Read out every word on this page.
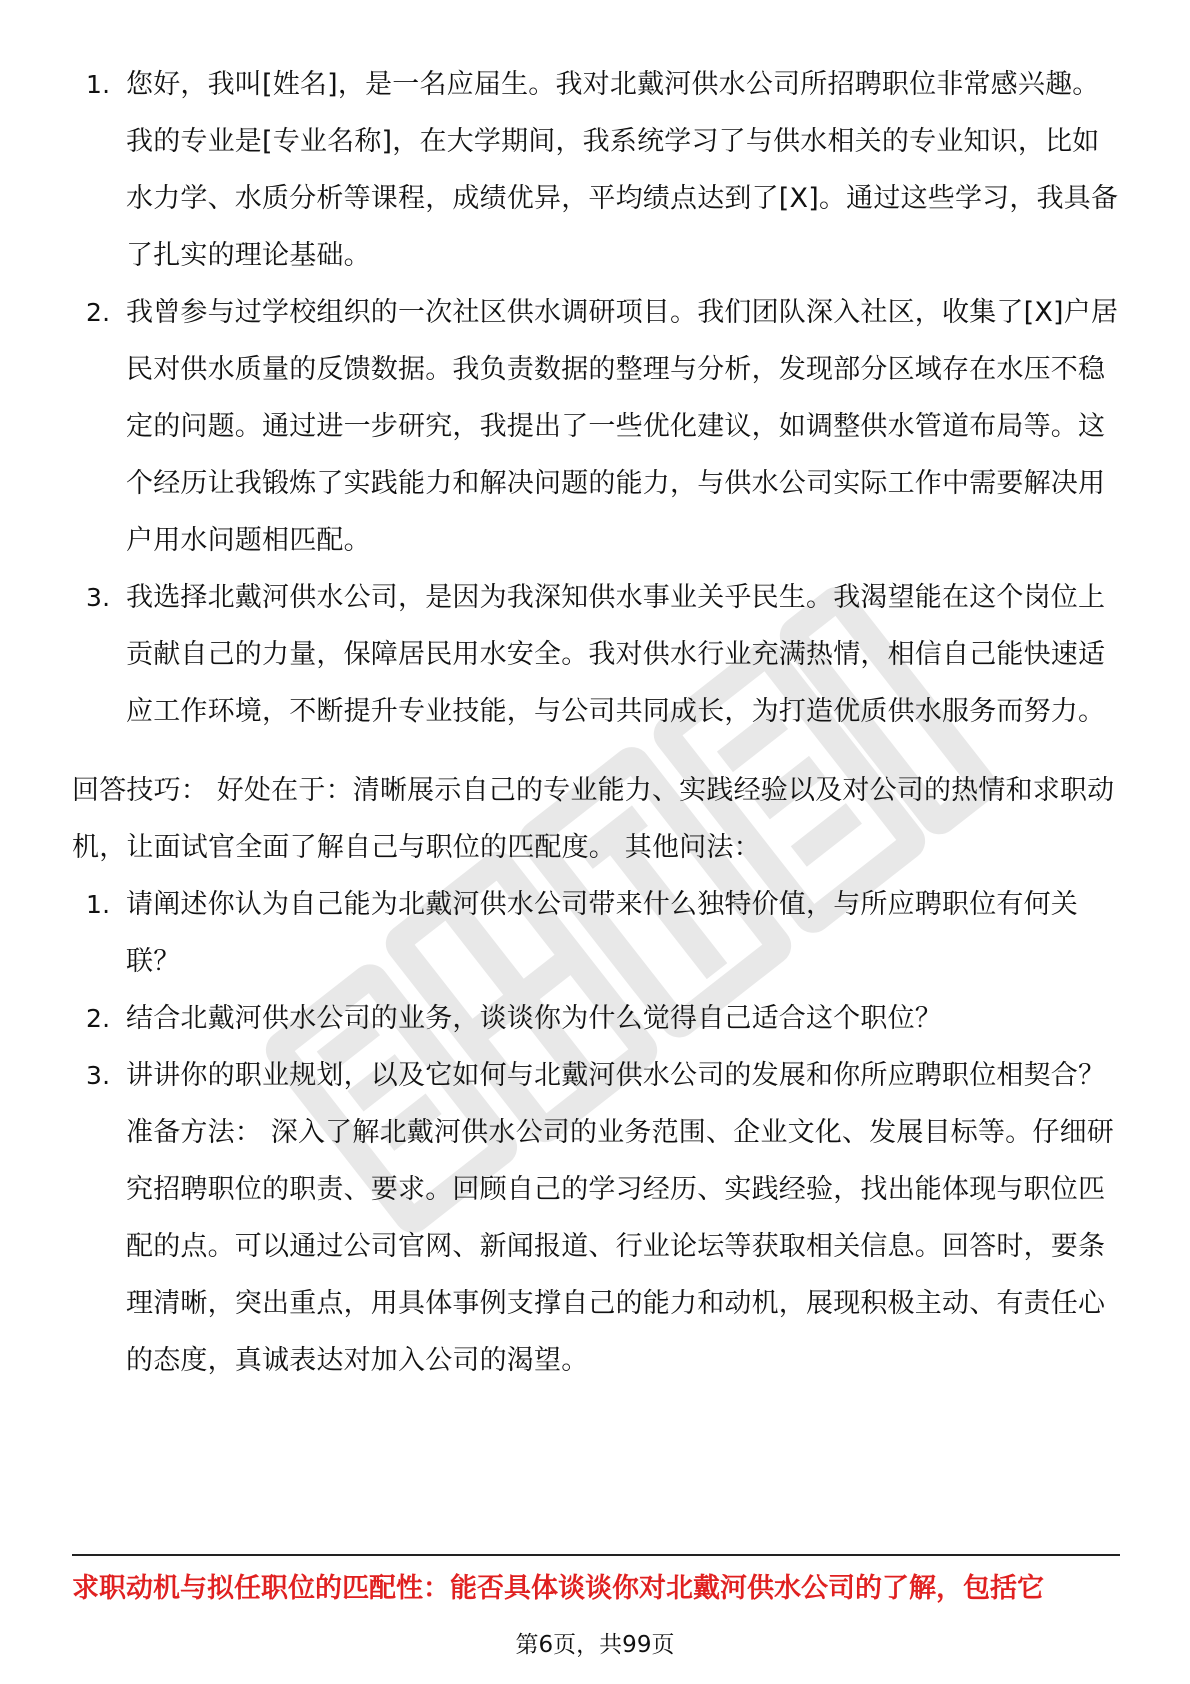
1. 您好，我叫[姓名]，是一名应届生。我对北戴河供水公司所招聘职位非常感兴趣。我的专业是[专业名称]，在大学期间，我系统学习了与供水相关的专业知识，比如水力学、水质分析等课程，成绩优异，平均绩点达到了[X]。通过这些学习，我具备了扎实的理论基础。
2. 我曾参与过学校组织的一次社区供水调研项目。我们团队深入社区，收集了[X]户居民对供水质量的反馈数据。我负责数据的整理与分析，发现部分区域存在水压不稳定的问题。通过进一步研究，我提出了一些优化建议，如调整供水管道布局等。这个经历让我锻炼了实践能力和解决问题的能力，与供水公司实际工作中需要解决用户用水问题相匹配。
3. 我选择北戴河供水公司，是因为我深知供水事业关乎民生。我渴望能在这个岗位上贡献自己的力量，保障居民用水安全。我对供水行业充满热情，相信自己能快速适应工作环境，不断提升专业技能，与公司共同成长，为打造优质供水服务而努力。
回答技巧： 好处在于：清晰展示自己的专业能力、实践经验以及对公司的热情和求职动机，让面试官全面了解自己与职位的匹配度。 其他问法：
1. 请阐述你认为自己能为北戴河供水公司带来什么独特价值，与所应聘职位有何关联？
2. 结合北戴河供水公司的业务，谈谈你为什么觉得自己适合这个职位？
3. 讲讲你的职业规划，以及它如何与北戴河供水公司的发展和你所应聘职位相契合？ 准备方法： 深入了解北戴河供水公司的业务范围、企业文化、发展目标等。仔细研究招聘职位的职责、要求。回顾自己的学习经历、实践经验，找出能体现与职位匹配的点。可以通过公司官网、新闻报道、行业论坛等获取相关信息。回答时，要条理清晰，突出重点，用具体事例支撑自己的能力和动机，展现积极主动、有责任心的态度，真诚表达对加入公司的渴望。
求职动机与拟任职位的匹配性：能否具体谈谈你对北戴河供水公司的了解，包括它
第6页，共99页
